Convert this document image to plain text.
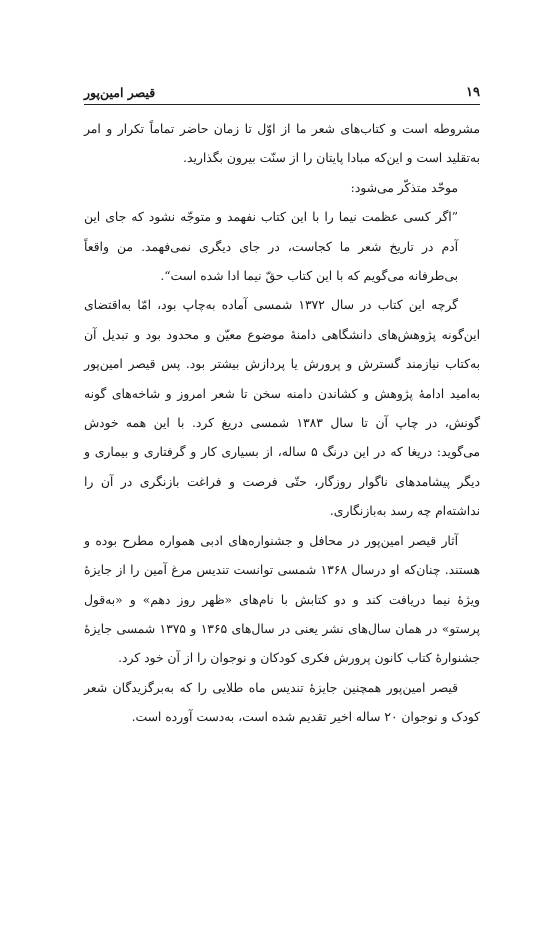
۱۹
قیصر امین‌پور

مشروطه است و کتاب‌های شعر ما از اوّل تا زمان حاضر تماماً تکرار و امر به‌تقلید است و این‌که مبادا پایتان را از سنّت بیرون بگذارید.

موحّد متذکّر می‌شود:

”اگر کسی عظمت نیما را با این کتاب نفهمد و متوجّه نشود که جای این آدم در تاریخ شعر ما کجاست، در جای دیگری نمی‌فهمد. من واقعاً بی‌طرفانه می‌گویم که با این کتاب حقّ نیما ادا شده است“.

گرچه این کتاب در سال ۱۳۷۲ شمسی آماده به‌چاپ بود، امّا به‌اقتضای این‌گونه پژوهش‌های دانشگاهی دامنهٔ موضوع معیّن و محدود بود و تبدیل آن به‌کتاب نیازمند گسترش و پرورش یا پردازش بیشتر بود. پس قیصر امین‌پور به‌امید ادامهٔ پژوهش و کشاندن دامنه سخن تا شعر امروز و شاخه‌های گونه گونش، در چاپ آن تا سال ۱۳۸۳ شمسی دریغ کرد. با این همه خودش می‌گوید: دریغا که در این درنگ ۵ ساله، از بسیاری کار و گرفتاری و بیماری و دیگر پیشامدهای ناگوار روزگار، حتّی فرصت و فراغت بازنگری در آن را نداشته‌ام چه رسد به‌بازنگاری.

آثار قیصر امین‌پور در محافل و جشنواره‌های ادبی همواره مطرح بوده و هستند. چنان‌که او درسال ۱۳۶۸ شمسی توانست تندیس مرغ آمین را از جایزهٔ ویژهٔ نیما دریافت کند و دو کتابش با نام‌های «ظهر روز دهم» و «به‌قول پرستو» در همان سال‌های نشر یعنی در سال‌های ۱۳۶۵ و ۱۳۷۵ شمسی جایزهٔ جشنوارهٔ کتاب کانون پرورش فکری کودکان و نوجوان را از آن خود کرد.

قیصر امین‌پور همچنین جایزهٔ تندیس ماه طلایی را که به‌برگزیدگان شعر کودک و نوجوان ۲۰ ساله اخیر تقدیم شده است، به‌دست آورده است.
